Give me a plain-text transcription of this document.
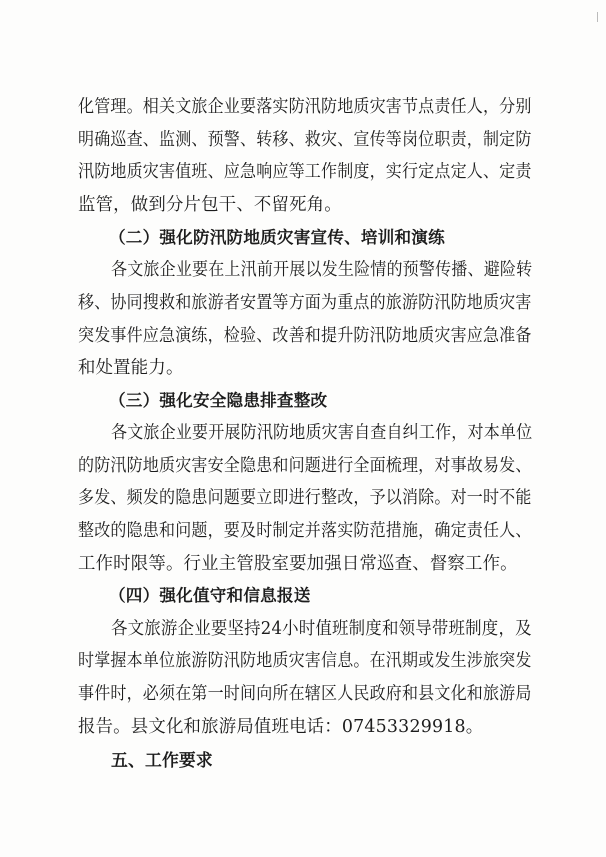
化管理。相关文旅企业要落实防汛防地质灾害节点责任人，分别
明确巡查、监测、预警、转移、救灾、宣传等岗位职责，制定防
汛防地质灾害值班、应急响应等工作制度，实行定点定人、定责
监管，做到分片包干、不留死角。
（二）强化防汛防地质灾害宣传、培训和演练
各文旅企业要在上汛前开展以发生险情的预警传播、避险转
移、协同搜救和旅游者安置等方面为重点的旅游防汛防地质灾害
突发事件应急演练，检验、改善和提升防汛防地质灾害应急准备
和处置能力。
（三）强化安全隐患排查整改
各文旅企业要开展防汛防地质灾害自查自纠工作，对本单位
的防汛防地质灾害安全隐患和问题进行全面梳理，对事故易发、
多发、频发的隐患问题要立即进行整改，予以消除。对一时不能
整改的隐患和问题，要及时制定并落实防范措施，确定责任人、
工作时限等。行业主管股室要加强日常巡查、督察工作。
（四）强化值守和信息报送
各文旅游企业要坚持24小时值班制度和领导带班制度，及
时掌握本单位旅游防汛防地质灾害信息。在汛期或发生涉旅突发
事件时，必须在第一时间向所在辖区人民政府和县文化和旅游局
报告。县文化和旅游局值班电话：07453329918。
五、工作要求
